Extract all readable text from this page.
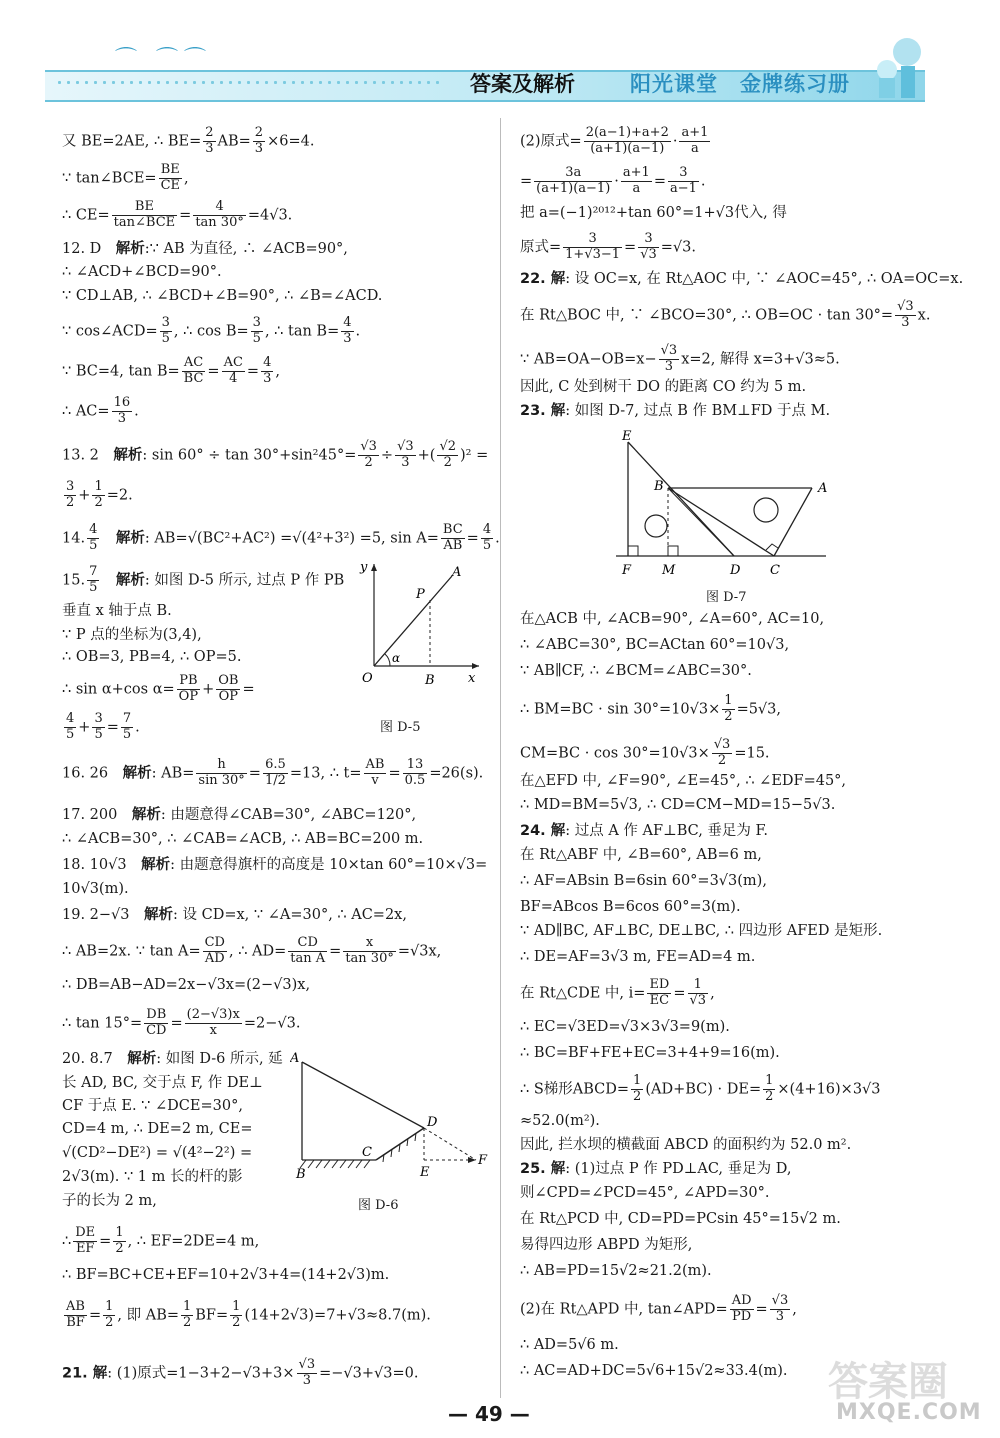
⌒ ⌒⌒
答案及解析	阳光课堂　金牌练习册
又 BE=2AE, ∴ $BE= \frac{2}{3} AB= \frac{2}{3} \times 6=4$.
∵ tan∠BCE= $\frac{BE}{CE}$ ,
∴ $CE= \frac{BE}{\text{tan∠BCE}} = \frac{4}{\tan 30^\circ} =4√3$.
12. D　 解析:∵ AB 为直径, ∴ ∠ACB=90°,
∴ ∠ACD+∠BCD=90°.
∵ CD⊥AB, ∴ ∠BCD+∠B=90°, ∴ ∠B=∠ACD.
∵ cos∠ACD= $\frac{3}{5}$ , ∴ $\cos B= \frac{3}{5}$ , ∴ $\tan B= \frac{4}{3}$ .
∵ BC=4, $\tan B= \frac{AC}{BC} = \frac{AC}{4} = \frac{4}{3}$ ,
∴ $AC= \frac{16}{3}$ .
13. 2　 解析: $\sin 60^\circ \div \tan 30^\circ+\sin^245^\circ= \frac{√3}{2} \div \frac{√3}{3}$ +( $\frac{√2}{2} )^2$ =
$\frac{3}{2} + \frac{1}{2} =2$.
14. $\frac{4}{5}$
　 解析: AB=√(BC²+AC²) =√(4²+3²) =5, $\sin A= \frac{BC}{AB} = \frac{4}{5}$ .
15. $\frac{7}{5}$
　 解析: 如图 D-5 所示, 过点 P 作 PB
垂直 x 轴于点 B.
∵ P 点的坐标为(3,4),
∴ OB=3, PB=4, ∴ OP=5.
∴ sin α+cos $\alpha= \frac{PB}{OP} + \frac{OB}{OP}$ =
$\frac{4}{5} + \frac{3}{5} = \frac{7}{5}$ .
y
x
O
A
P
B
α
图 D-5
16. 26　 解析: $AB= \frac{h}{\sin 30^\circ} = \frac{6.5}{1/2} =13$, ∴ $t= \frac{AB}{v} = \frac{13}{0.5} =26(s)$.
17. 200　 解析: 由题意得∠CAB=30°, ∠ABC=120°,
∴ ∠ACB=30°, ∴ ∠CAB=∠ACB, ∴ AB=BC=200 m.
18. 10√3　 解析: 由题意得旗杆的高度是 10×tan 60°=10×√3=
10√3(m).
19. 2−√3　 解析: 设 CD=x, ∵ ∠A=30°, ∴ AC=2x,
∴ AB=2x. ∵ $\tan A= \frac{CD}{AD}$ , ∴ $AD= \frac{CD}{\text{tan A}} = \frac{x}{\tan 30^\circ} =√3x$,
∴ DB=AB−AD=2x−√3x=(2−√3)x,
∴ $\tan 15^\circ= \frac{DB}{CD} = \frac{(2-√3)x}{x} =2-√3$.
20. 8.7　 解析: 如图 D-6 所示, 延
长 AD, BC, 交于点 F, 作 DE⊥
CF 于点 E. ∵ ∠DCE=30°,
CD=4 m, ∴ DE=2 m, CE=
√(CD²−DE²) = √(4²−2²) =
2√3(m). ∵ 1 m 长的杆的影
子的长为 2 m,
∴ $\frac{DE}{EF} = \frac{1}{2}$ , ∴ EF=2DE=4 m,
∴ BF=BC+CE+EF=10+2√3+4=(14+2√3)m.
$\frac{AB}{BF} = \frac{1}{2}$ , 即 $AB= \frac{1}{2} BF= \frac{1}{2} (14+2√3)=7+√3\approx 8.7(m)$.
A
B
C
D
E
F
图 D-6
21. 解: (1)原式$=1-3+2-√3+3\times \frac{√3}{3} =-√3+√3=0$.
(2)原式= $\frac{2(a-1)+a+2}{(a+1)(a-1)} \cdot \frac{a+1}{a}$
= $\frac{3a}{(a+1)(a-1)} \cdot \frac{a+1}{a} = \frac{3}{a-1}$ .
把 a=(−1)²⁰¹²+tan 60°=1+√3代入, 得
原式= $\frac{3}{1+√3-1} = \frac{3}{√3} =√3$.
22. 解: 设 OC=x, 在 Rt△AOC 中, ∵ ∠AOC=45°, ∴ OA=OC=x.
在 Rt△BOC 中, ∵ ∠BCO=30°, ∴ $OB=OC \cdot \tan 30^\circ= \frac{√3}{3} x$.
∵ $AB=OA-OB=x- \frac{√3}{3} x=2$, 解得 x=3+√3≈5.
因此, C 处到树干 DO 的距离 CO 约为 5 m.
23. 解: 如图 D-7, 过点 B 作 BM⊥FD 于点 M.
E
B	A
F M	D C
图 D-7
在△ACB 中, ∠ACB=90°, ∠A=60°, AC=10,
∴ ∠ABC=30°, BC=ACtan 60°=10√3,
∵ AB∥CF, ∴ ∠BCM=∠ABC=30°.
∴ $BM=BC \cdot \sin 30^\circ=10√3\times \frac{1}{2} =5√3$,
$CM=BC \cdot \cos 30^\circ=10√3\times \frac{√3}{2} =15$.
在△EFD 中, ∠F=90°, ∠E=45°, ∴ ∠EDF=45°,
∴ MD=BM=5√3, ∴ CD=CM−MD=15−5√3.
24. 解: 过点 A 作 AF⊥BC, 垂足为 F.
在 Rt△ABF 中, ∠B=60°, AB=6 m,
∴ AF=ABsin B=6sin 60°=3√3(m),
BF=ABcos B=6cos 60°=3(m).
∵ AD∥BC, AF⊥BC, DE⊥BC, ∴ 四边形 AFED 是矩形.
∴ DE=AF=3√3 m, FE=AD=4 m.
在 Rt△CDE 中, $i= \frac{ED}{EC} = \frac{1}{√3}$ ,
∴ EC=√3ED=√3×3√3=9(m).
∴ BC=BF+FE+EC=3+4+9=16(m).
∴ S梯形ABCD= $\frac{1}{2} (AD+BC) \cdot DE= \frac{1}{2} \times(4+16)\times 3√3$
≈52.0(m²).
因此, 拦水坝的横截面 ABCD 的面积约为 52.0 m².
25. 解: (1)过点 P 作 PD⊥AC, 垂足为 D,
则∠CPD=∠PCD=45°, ∠APD=30°.
在 Rt△PCD 中, CD=PD=PCsin 45°=15√2 m.
易得四边形 ABPD 为矩形,
∴ AB=PD=15√2≈21.2(m).
(2)在 Rt△APD 中, tan∠APD= $\frac{AD}{PD} = \frac{√3}{3}$ ,
∴ AD=5√6 m.
∴ AC=AD+DC=5√6+15√2≈33.4(m).
— 49 —
答案圈
MXQE.COM
